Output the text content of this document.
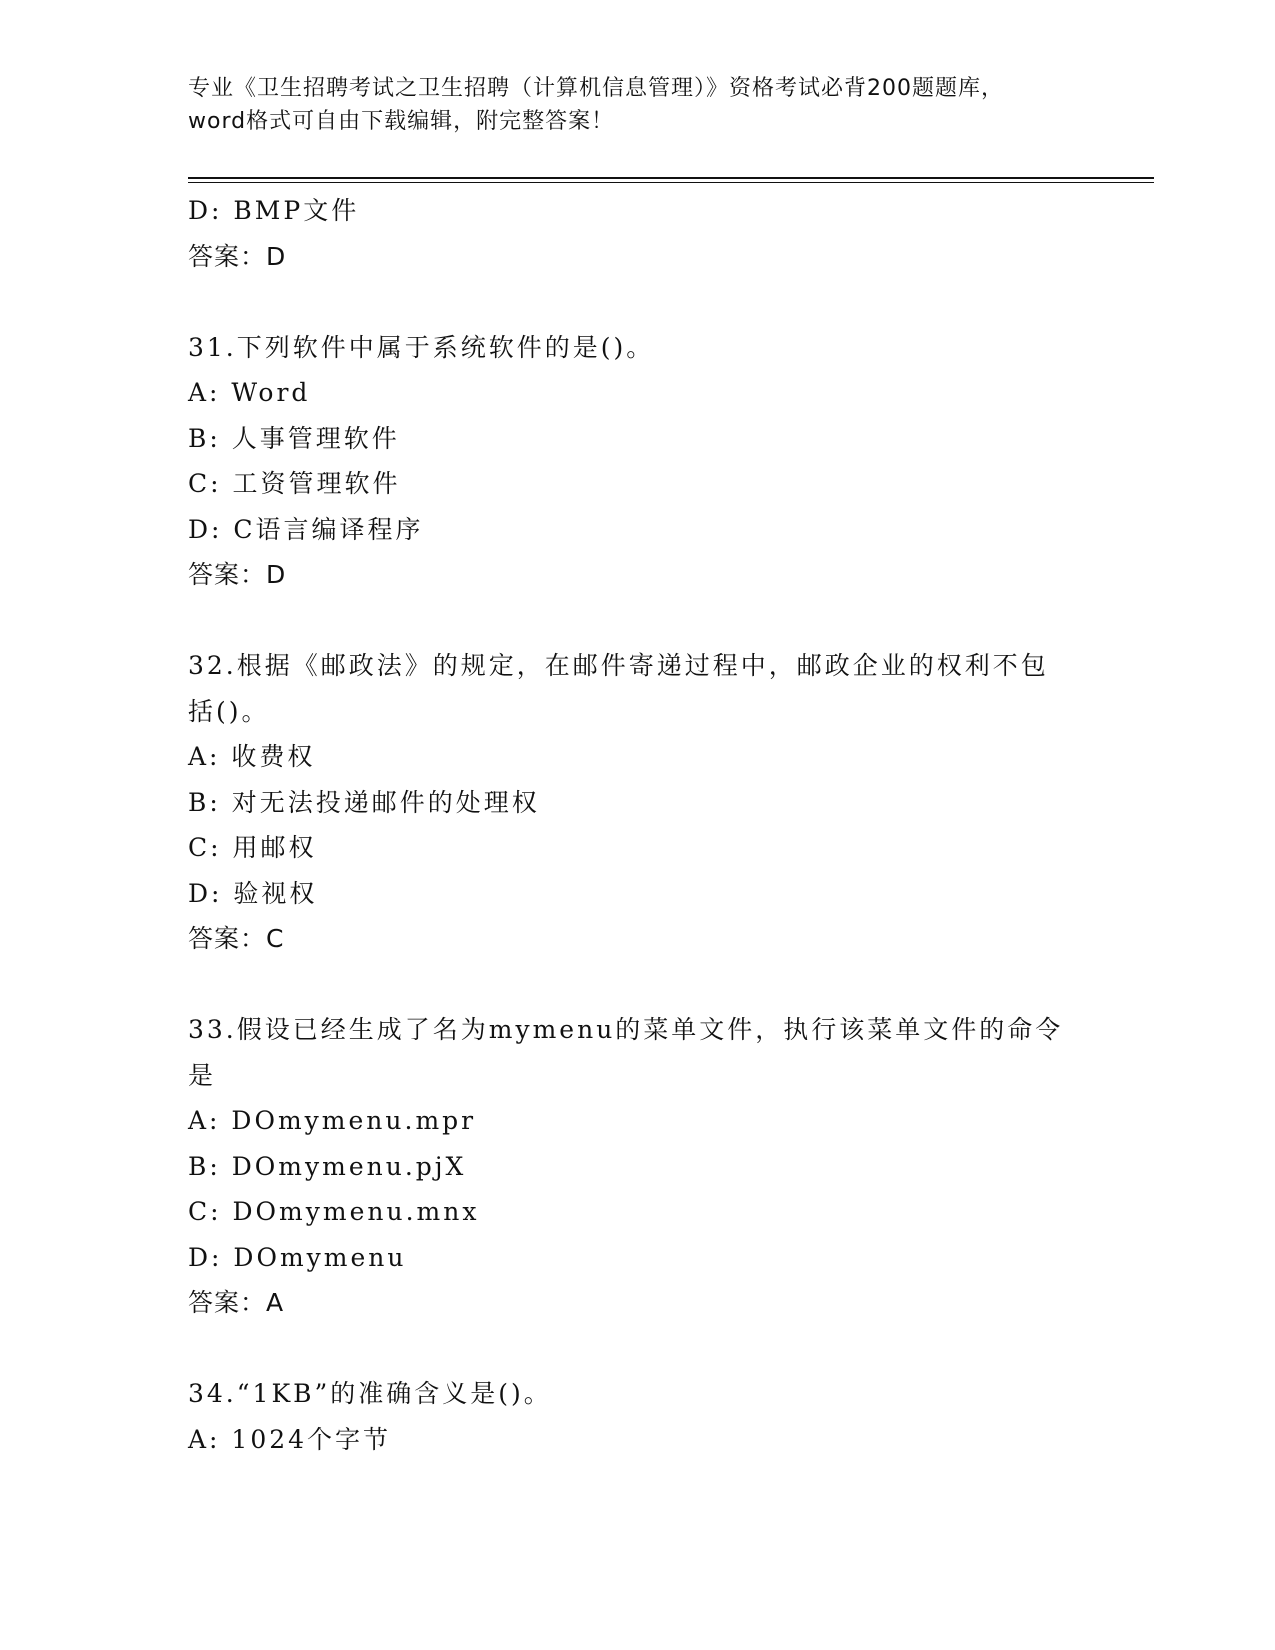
专业《卫生招聘考试之卫生招聘（计算机信息管理）》资格考试必背200题题库，
word格式可自由下载编辑，附完整答案！
D: BMP文件
答案：D
31.下列软件中属于系统软件的是()。
A: Word
B: 人事管理软件
C: 工资管理软件
D: C语言编译程序
答案：D
32.根据《邮政法》的规定，在邮件寄递过程中，邮政企业的权利不包括()。
A: 收费权
B: 对无法投递邮件的处理权
C: 用邮权
D: 验视权
答案：C
33.假设已经生成了名为mymenu的菜单文件，执行该菜单文件的命令是
A: DOmymenu.mpr
B: DOmymenu.pjX
C: DOmymenu.mnx
D: DOmymenu
答案：A
34.“1KB”的准确含义是()。
A: 1024个字节
